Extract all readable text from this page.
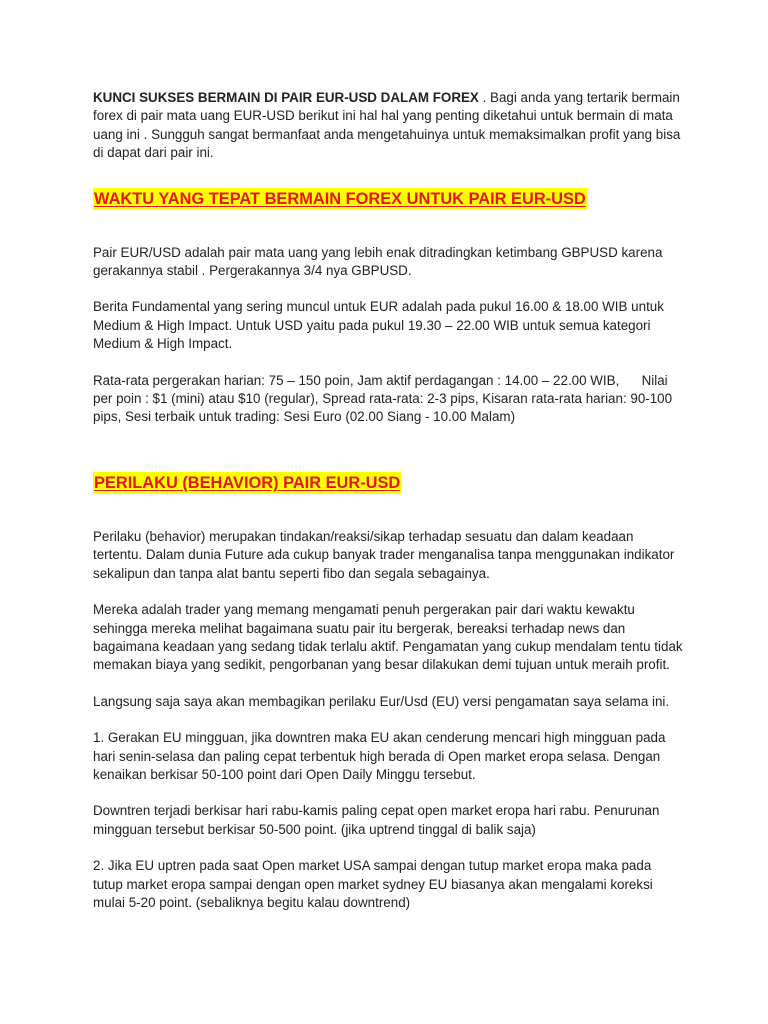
KUNCI SUKSES BERMAIN DI PAIR EUR-USD DALAM FOREX . Bagi anda yang tertarik bermain forex di pair mata uang EUR-USD berikut ini hal hal yang penting diketahui untuk bermain di mata uang ini . Sungguh sangat bermanfaat anda mengetahuinya untuk memaksimalkan profit yang bisa di dapat dari pair ini.

WAKTU YANG TEPAT BERMAIN FOREX UNTUK PAIR EUR-USD

Pair EUR/USD adalah pair mata uang yang lebih enak ditradingkan ketimbang GBPUSD karena gerakannya stabil . Pergerakannya 3/4 nya GBPUSD.

Berita Fundamental yang sering muncul untuk EUR adalah pada pukul 16.00 & 18.00 WIB untuk Medium & High Impact. Untuk USD yaitu pada pukul 19.30 – 22.00 WIB untuk semua kategori Medium & High Impact.

Rata-rata pergerakan harian: 75 – 150 poin, Jam aktif perdagangan : 14.00 – 22.00 WIB,      Nilai per poin : $1 (mini) atau $10 (regular), Spread rata-rata: 2-3 pips, Kisaran rata-rata harian: 90-100 pips, Sesi terbaik untuk trading: Sesi Euro (02.00 Siang - 10.00 Malam)

PERILAKU (BEHAVIOR) PAIR EUR-USD

Perilaku (behavior) merupakan tindakan/reaksi/sikap terhadap sesuatu dan dalam keadaan tertentu. Dalam dunia Future ada cukup banyak trader menganalisa tanpa menggunakan indikator sekalipun dan tanpa alat bantu seperti fibo dan segala sebagainya.

Mereka adalah trader yang memang mengamati penuh pergerakan pair dari waktu kewaktu sehingga mereka melihat bagaimana suatu pair itu bergerak, bereaksi terhadap news dan bagaimana keadaan yang sedang tidak terlalu aktif. Pengamatan yang cukup mendalam tentu tidak memakan biaya yang sedikit, pengorbanan yang besar dilakukan demi tujuan untuk meraih profit.

Langsung saja saya akan membagikan perilaku Eur/Usd (EU) versi pengamatan saya selama ini.

1. Gerakan EU mingguan, jika downtren maka EU akan cenderung mencari high mingguan pada hari senin-selasa dan paling cepat terbentuk high berada di Open market eropa selasa. Dengan kenaikan berkisar 50-100 point dari Open Daily Minggu tersebut.

Downtren terjadi berkisar hari rabu-kamis paling cepat open market eropa hari rabu. Penurunan mingguan tersebut berkisar 50-500 point. (jika uptrend tinggal di balik saja)

2. Jika EU uptren pada saat Open market USA sampai dengan tutup market eropa maka pada tutup market eropa sampai dengan open market sydney EU biasanya akan mengalami koreksi mulai 5-20 point. (sebaliknya begitu kalau downtrend)
